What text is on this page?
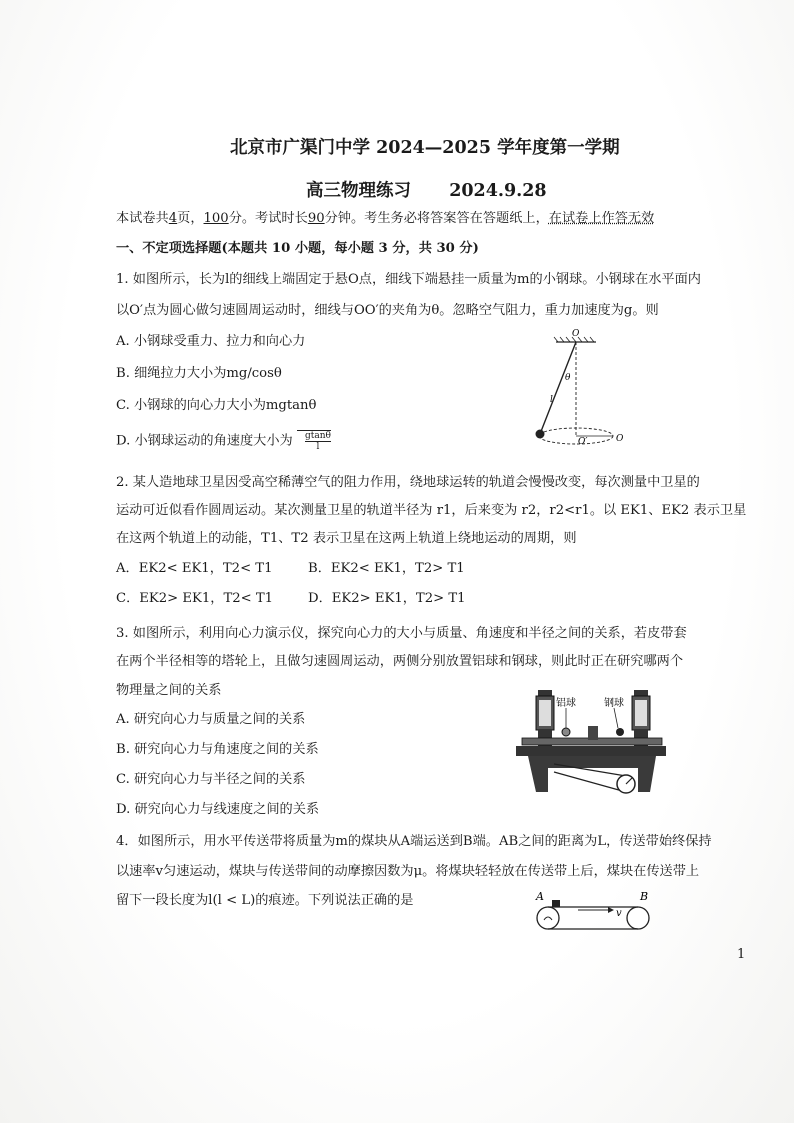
北京市广渠门中学 2024—2025 学年度第一学期
高三物理练习 2024.9.28
本试卷共4页，100分。考试时长90分钟。考生务必将答案答在答题纸上，在试卷上作答无效
一、不定项选择题(本题共 10 小题，每小题 3 分，共 30 分)
1. 如图所示，长为l的细线上端固定于悬O点，细线下端悬挂一质量为m的小钢球。小钢球在水平面内
以O′点为圆心做匀速圆周运动时，细线与OO′的夹角为θ。忽略空气阻力，重力加速度为g。则
A. 小钢球受重力、拉力和向心力
B. 细绳拉力大小为mg/cosθ
C. 小钢球的向心力大小为mgtanθ
D. 小钢球运动的角速度大小为 $\frac{gtan\theta}{l}$
O
θ
l
O′	O
2. 某人造地球卫星因受高空稀薄空气的阻力作用，绕地球运转的轨道会慢慢改变，每次测量中卫星的
运动可近似看作圆周运动。某次测量卫星的轨道半径为 r1，后来变为 r2，r2<r1。以 EK1、EK2 表示卫星
在这两个轨道上的动能，T1、T2 表示卫星在这两上轨道上绕地运动的周期，则
A．EK2< EK1，T2< T1	B．EK2< EK1，T2> T1
C．EK2> EK1，T2< T1	D．EK2> EK1，T2> T1
3. 如图所示，利用向心力演示仪，探究向心力的大小与质量、角速度和半径之间的关系，若皮带套
在两个半径相等的塔轮上，且做匀速圆周运动，两侧分别放置铝球和钢球，则此时正在研究哪两个
物理量之间的关系
A. 研究向心力与质量之间的关系
B. 研究向心力与角速度之间的关系
C. 研究向心力与半径之间的关系
D. 研究向心力与线速度之间的关系
铝球	钢球
4．如图所示，用水平传送带将质量为m的煤块从A端运送到B端。AB之间的距离为L，传送带始终保持
以速率v匀速运动，煤块与传送带间的动摩擦因数为μ。将煤块轻轻放在传送带上后，煤块在传送带上
留下一段长度为l(l < L)的痕迹。下列说法正确的是	A	B
v
1
